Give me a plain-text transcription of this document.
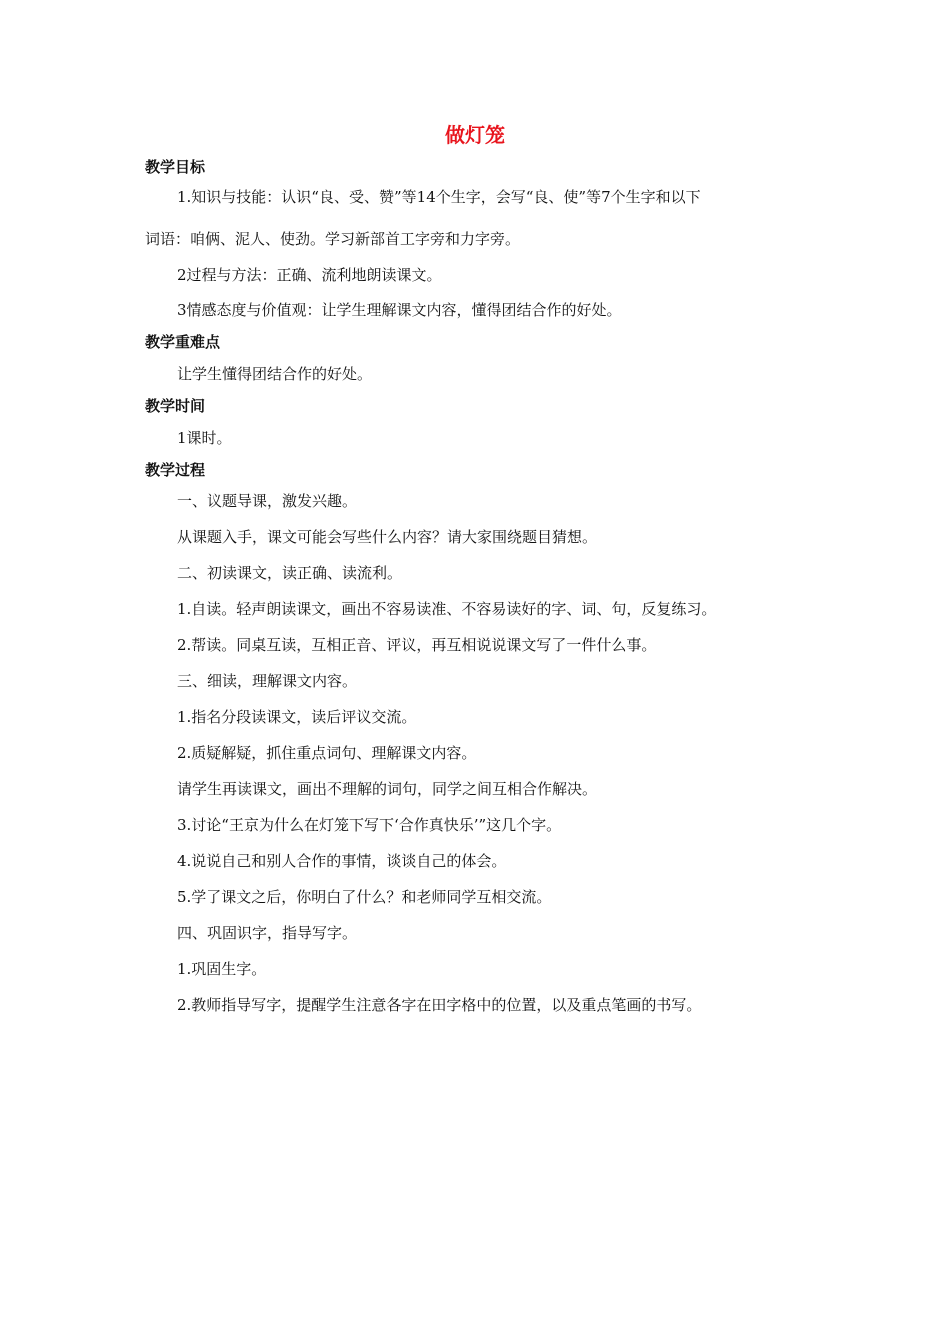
做灯笼
教学目标
1.知识与技能：认识“良、受、赞”等14个生字，会写“良、使”等7个生字和以下
词语：咱俩、泥人、使劲。学习新部首工字旁和力字旁。
2过程与方法：正确、流利地朗读课文。
3情感态度与价值观：让学生理解课文内容，懂得团结合作的好处。
教学重难点
让学生懂得团结合作的好处。
教学时间
1课时。
教学过程
一、议题导课，激发兴趣。
从课题入手，课文可能会写些什么内容？请大家围绕题目猜想。
二、初读课文，读正确、读流利。
1.自读。轻声朗读课文，画出不容易读准、不容易读好的字、词、句，反复练习。
2.帮读。同桌互读，互相正音、评议，再互相说说课文写了一件什么事。
三、细读，理解课文内容。
1.指名分段读课文，读后评议交流。
2.质疑解疑，抓住重点词句、理解课文内容。
请学生再读课文，画出不理解的词句，同学之间互相合作解决。
3.讨论“王京为什么在灯笼下写下‘合作真快乐’”这几个字。
4.说说自己和别人合作的事情，谈谈自己的体会。
5.学了课文之后，你明白了什么？和老师同学互相交流。
四、巩固识字，指导写字。
1.巩固生字。
2.教师指导写字，提醒学生注意各字在田字格中的位置，以及重点笔画的书写。
